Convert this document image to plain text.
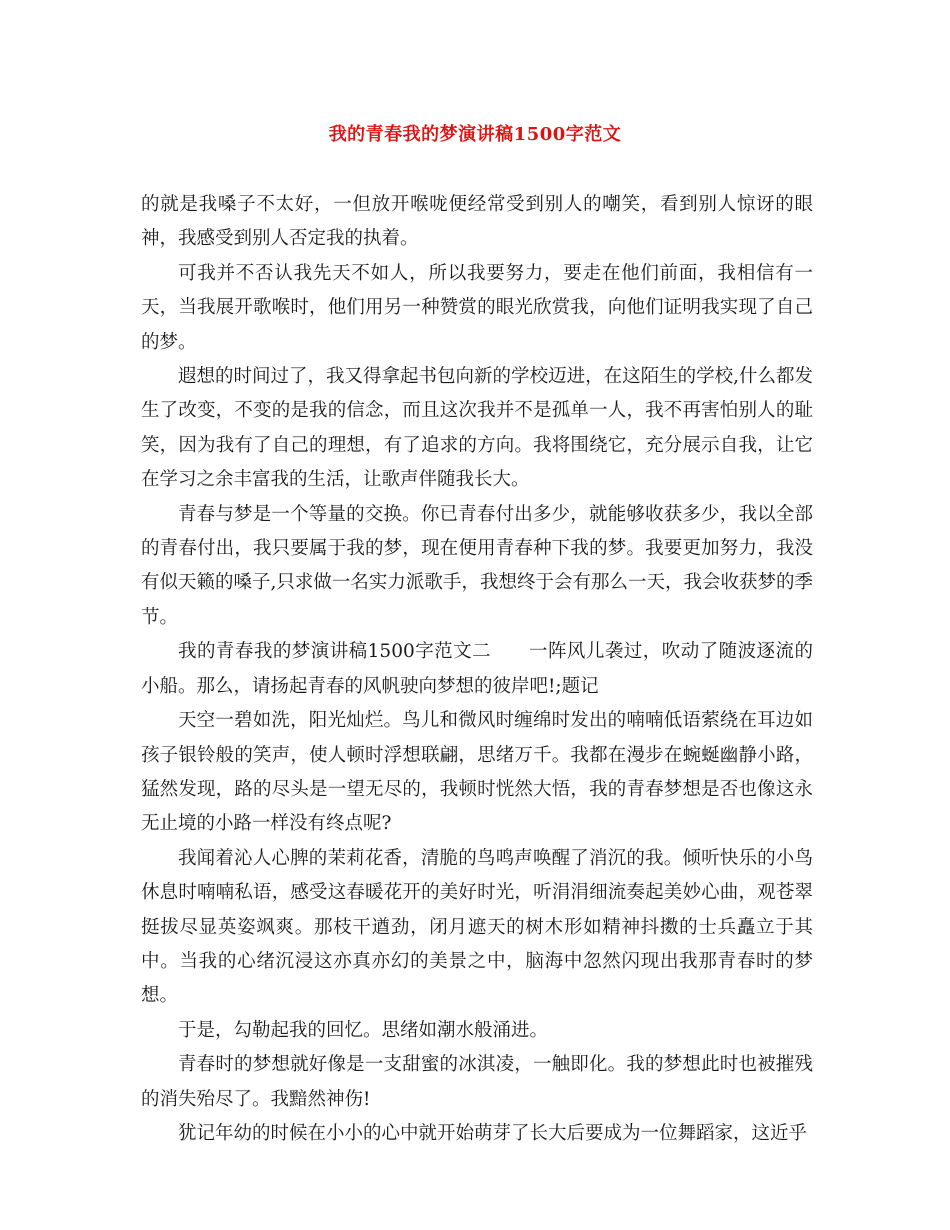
我的青春我的梦演讲稿1500字范文

的就是我嗓子不太好，一但放开喉咙便经常受到别人的嘲笑，看到别人惊讶的眼神，我感受到别人否定我的执着。

可我并不否认我先天不如人，所以我要努力，要走在他们前面，我相信有一天，当我展开歌喉时，他们用另一种赞赏的眼光欣赏我，向他们证明我实现了自己的梦。

遐想的时间过了，我又得拿起书包向新的学校迈进，在这陌生的学校,什么都发生了改变，不变的是我的信念，而且这次我并不是孤单一人，我不再害怕别人的耻笑，因为我有了自己的理想，有了追求的方向。我将围绕它，充分展示自我，让它在学习之余丰富我的生活，让歌声伴随我长大。

青春与梦是一个等量的交换。你已青春付出多少，就能够收获多少，我以全部的青春付出，我只要属于我的梦，现在便用青春种下我的梦。我要更加努力，我没有似天籁的嗓子,只求做一名实力派歌手，我想终于会有那么一天，我会收获梦的季节。

我的青春我的梦演讲稿1500字范文二　　一阵风儿袭过，吹动了随波逐流的小船。那么，请扬起青春的风帆驶向梦想的彼岸吧!;题记

天空一碧如洗，阳光灿烂。鸟儿和微风时缠绵时发出的喃喃低语萦绕在耳边如孩子银铃般的笑声，使人顿时浮想联翩，思绪万千。我都在漫步在蜿蜒幽静小路，猛然发现，路的尽头是一望无尽的，我顿时恍然大悟，我的青春梦想是否也像这永无止境的小路一样没有终点呢?

我闻着沁人心脾的茉莉花香，清脆的鸟鸣声唤醒了消沉的我。倾听快乐的小鸟休息时喃喃私语，感受这春暖花开的美好时光，听涓涓细流奏起美妙心曲，观苍翠挺拔尽显英姿飒爽。那枝干遒劲，闭月遮天的树木形如精神抖擞的士兵矗立于其中。当我的心绪沉浸这亦真亦幻的美景之中，脑海中忽然闪现出我那青春时的梦想。

于是，勾勒起我的回忆。思绪如潮水般涌进。

青春时的梦想就好像是一支甜蜜的冰淇凌，一触即化。我的梦想此时也被摧残的消失殆尽了。我黯然神伤!

犹记年幼的时候在小小的心中就开始萌芽了长大后要成为一位舞蹈家，这近乎
